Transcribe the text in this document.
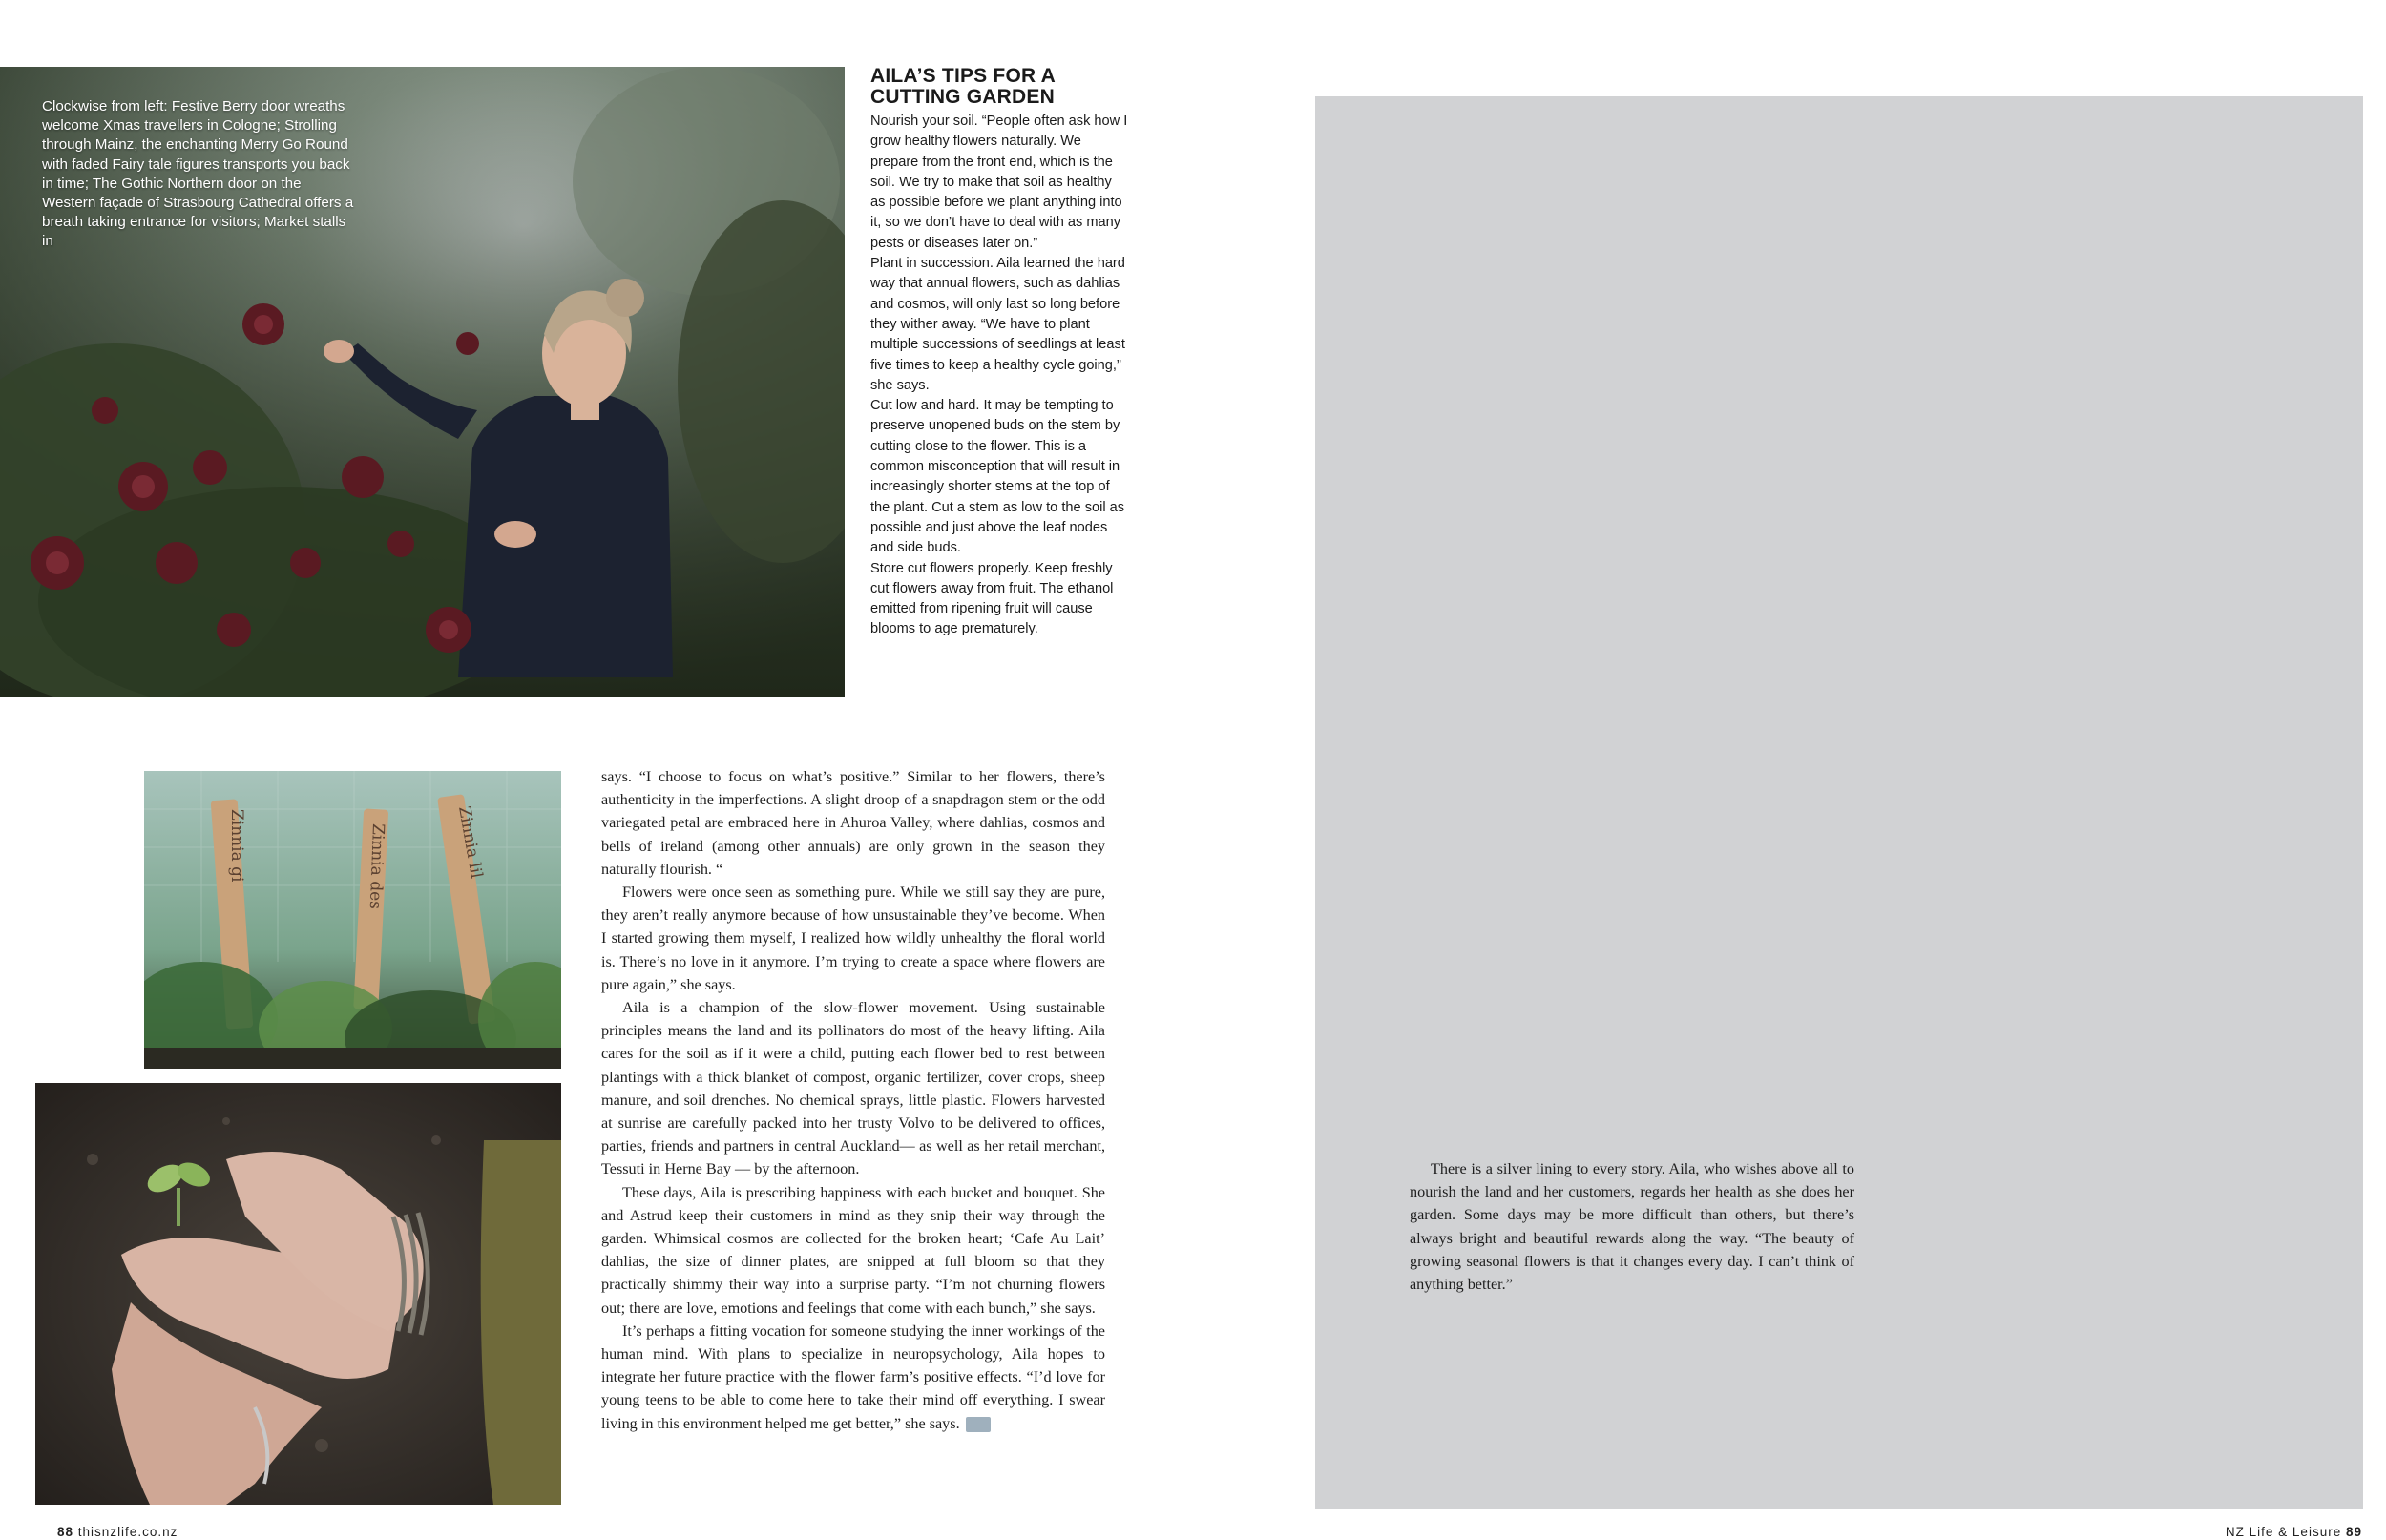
Clockwise from left: Festive Berry door wreaths welcome Xmas travellers in Cologne; Strolling through Mainz, the enchanting Merry Go Round with faded Fairy tale figures transports you back in time; The Gothic Northern door on the Western façade of Strasbourg Cathedral offers a breath taking entrance for visitors; Market stalls in

AILA’S TIPS FOR A CUTTING GARDEN

Nourish your soil. “People often ask how I grow healthy flowers naturally. We prepare from the front end, which is the soil. We try to make that soil as healthy as possible before we plant anything into it, so we don’t have to deal with as many pests or diseases later on.”

Plant in succession. Aila learned the hard way that annual flowers, such as dahlias and cosmos, will only last so long before they wither away. “We have to plant multiple successions of seedlings at least five times to keep a healthy cycle going,” she says.

Cut low and hard. It may be tempting to preserve unopened buds on the stem by cutting close to the flower. This is a common misconception that will result in increasingly shorter stems at the top of the plant. Cut a stem as low to the soil as possible and just above the leaf nodes and side buds.

Store cut flowers properly. Keep freshly cut flowers away from fruit. The ethanol emitted from ripening fruit will cause blooms to age prematurely.

Zinnia gi	Zinnia des	Zinnia lil

says. “I choose to focus on what’s positive.” Similar to her flowers, there’s authenticity in the imperfections. A slight droop of a snapdragon stem or the odd variegated petal are embraced here in Ahuroa Valley, where dahlias, cosmos and bells of ireland (among other annuals) are only grown in the season they naturally flourish. “

Flowers were once seen as something pure. While we still say they are pure, they aren’t really anymore because of how unsustainable they’ve become. When I started growing them myself, I realized how wildly unhealthy the floral world is. There’s no love in it anymore. I’m trying to create a space where flowers are pure again,” she says.

Aila is a champion of the slow-flower movement. Using sustainable principles means the land and its pollinators do most of the heavy lifting. Aila cares for the soil as if it were a child, putting each flower bed to rest between plantings with a thick blanket of compost, organic fertilizer, cover crops, sheep manure, and soil drenches. No chemical sprays, little plastic. Flowers harvested at sunrise are carefully packed into her trusty Volvo to be delivered to offices, parties, friends and partners in central Auckland— as well as her retail merchant, Tessuti in Herne Bay — by the afternoon.

These days, Aila is prescribing happiness with each bucket and bouquet. She and Astrud keep their customers in mind as they snip their way through the garden. Whimsical cosmos are collected for the broken heart; ‘Cafe Au Lait’ dahlias, the size of dinner plates, are snipped at full bloom so that they practically shimmy their way into a surprise party. “I’m not churning flowers out; there are love, emotions and feelings that come with each bunch,” she says.

It’s perhaps a fitting vocation for someone studying the inner workings of the human mind. With plans to specialize in neuropsychology, Aila hopes to integrate her future practice with the flower farm’s positive effects. “I’d love for young teens to be able to come here to take their mind off everything. I swear living in this environment helped me get better,” she says.

88 thisnzlife.co.nz

There is a silver lining to every story. Aila, who wishes above all to nourish the land and her customers, regards her health as she does her garden. Some days may be more difficult than others, but there’s always bright and beautiful rewards along the way. “The beauty of growing seasonal flowers is that it changes every day. I can’t think of anything better.”

NZ Life & Leisure 89
